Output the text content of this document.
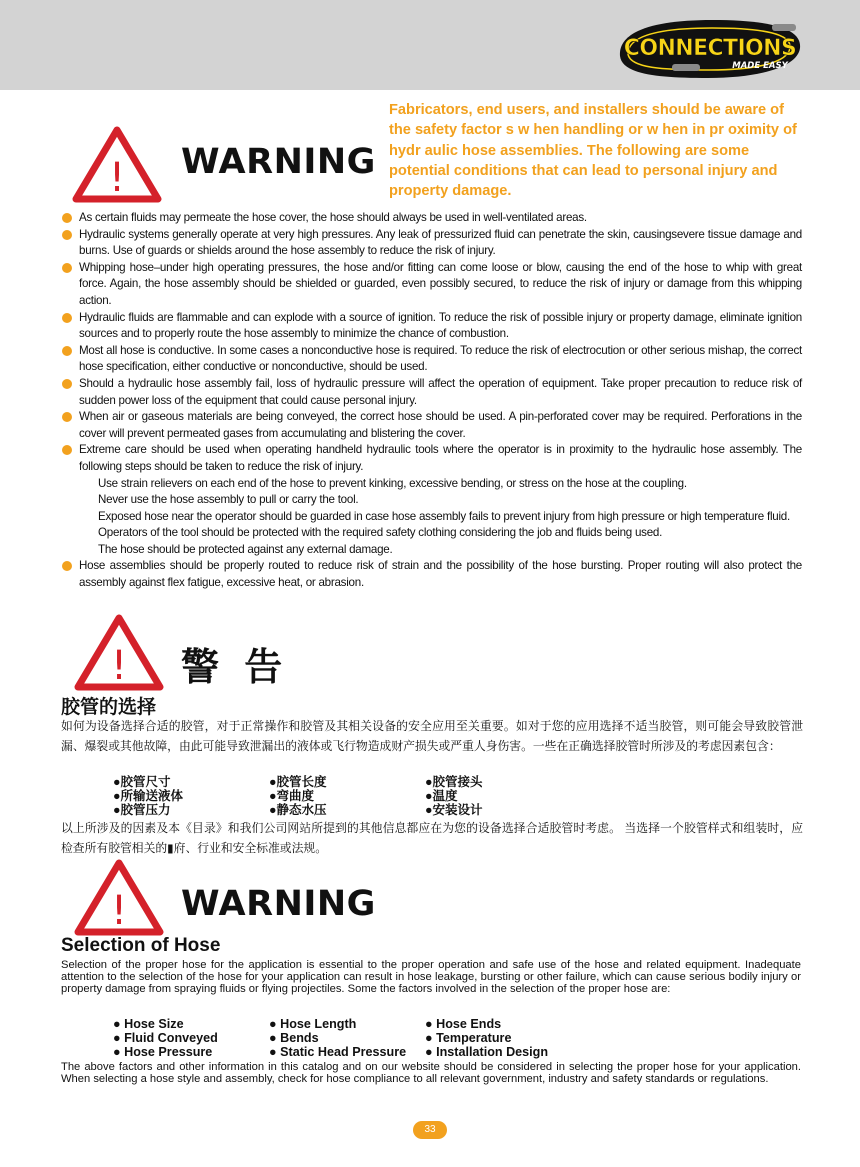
CONNECTIONS
MADE EASY
! WARNING
Fabricators, end users, and installers should be aware of the safety factor s w hen handling or w hen in pr oximity of hydr aulic hose assemblies. The following are some potential conditions that can lead to personal injury and property damage.
As certain fluids may permeate the hose cover, the hose should always be used in well-ventilated areas.
Hydraulic systems generally operate at very high pressures. Any leak of pressurized fluid can penetrate the skin, causingsevere tissue damage and burns. Use of guards or shields around the hose assembly to reduce the risk of injury.
Whipping hose–under high operating pressures, the hose and/or fitting can come loose or blow, causing the end of the hose to whip with great force. Again, the hose assembly should be shielded or guarded, even possibly secured, to reduce the risk of injury or damage from this whipping action.
Hydraulic fluids are flammable and can explode with a source of ignition. To reduce the risk of possible injury or property damage, eliminate ignition sources and to properly route the hose assembly to minimize the chance of combustion.
Most all hose is conductive. In some cases a nonconductive hose is required. To reduce the risk of electrocution or other serious mishap, the correct hose specification, either conductive or nonconductive, should be used.
Should a hydraulic hose assembly fail, loss of hydraulic pressure will affect the operation of equipment. Take proper precaution to reduce risk of sudden power loss of the equipment that could cause personal injury.
When air or gaseous materials are being conveyed, the correct hose should be used. A pin-perforated cover may be required. Perforations in the cover will prevent permeated gases from accumulating and blistering the cover.
Extreme care should be used when operating handheld hydraulic tools where the operator is in proximity to the hydraulic hose assembly. The following steps should be taken to reduce the risk of injury.
Use strain relievers on each end of the hose to prevent kinking, excessive bending, or stress on the hose at the coupling.
Never use the hose assembly to pull or carry the tool.
Exposed hose near the operator should be guarded in case hose assembly fails to prevent injury from high pressure or high temperature fluid.
Operators of the tool should be protected with the required safety clothing considering the job and fluids being used.
The hose should be protected against any external damage.
Hose assemblies should be properly routed to reduce risk of strain and the possibility of the hose bursting. Proper routing will also protect the assembly against flex fatigue, excessive heat, or abrasion.
! 警 告
胶管的选择
如何为设备选择合适的胶管，对于正常操作和胶管及其相关设备的安全应用至关重要。如对于您的应用选择不适当胶管，则可能会导致胶管泄漏、爆裂或其他故障，由此可能导致泄漏出的液体或飞行物造成财产损失或严重人身伤害。一些在正确选择胶管时所涉及的考虑因素包含：
●胶管尺寸	●胶管长度	●胶管接头
●所输送液体	●弯曲度	●温度
●胶管压力	●静态水压	●安装设计
以上所涉及的因素及本《目录》和我们公司网站所提到的其他信息都应在为您的设备选择合适胶管时考虑。 当选择一个胶管样式和组装时，应检查所有胶管相关的▮府、行业和安全标准或法规。
! WARNING
Selection of Hose
Selection of the proper hose for the application is essential to the proper operation and safe use of the hose and related equipment. Inadequate attention to the selection of the hose for your application can result in hose leakage, bursting or other failure, which can cause serious bodily injury or property damage from spraying fluids or flying projectiles. Some the factors involved in the selection of the proper hose are:
● Hose Size	● Hose Length	● Hose Ends
● Fluid Conveyed	● Bends	● Temperature
● Hose Pressure	● Static Head Pressure	● Installation Design
The above factors and other information in this catalog and on our website should be considered in selecting the proper hose for your application. When selecting a hose style and assembly, check for hose compliance to all relevant government, industry and safety standards or regulations.
33
